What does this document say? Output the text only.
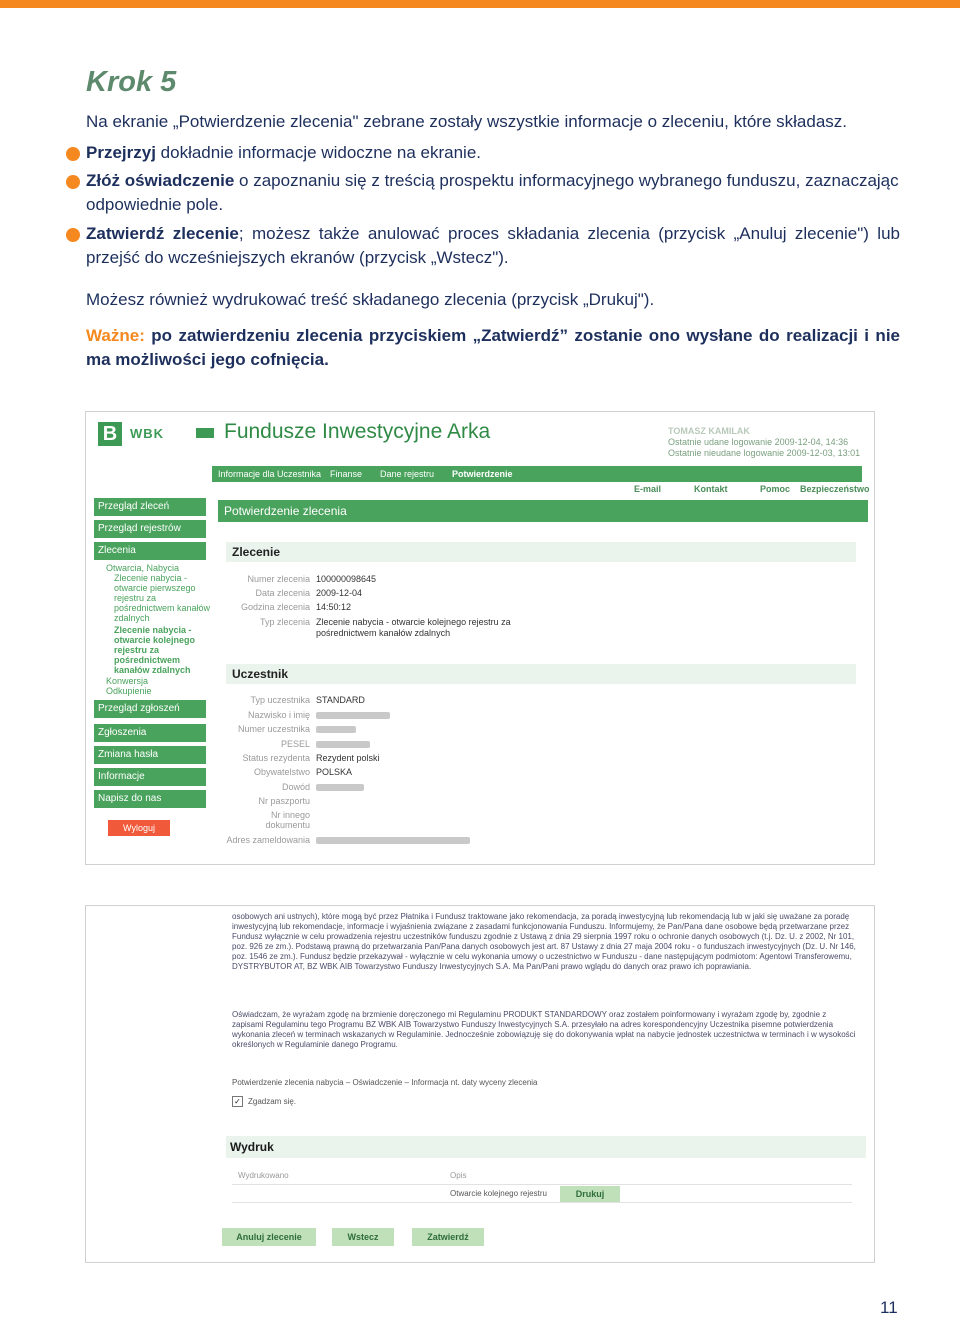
Krok 5
Na ekranie „Potwierdzenie zlecenia" zebrane zostały wszystkie informacje o zleceniu, które składasz.
Przejrzyj dokładnie informacje widoczne na ekranie.
Złóż oświadczenie o zapoznaniu się z treścią prospektu informacyjnego wybranego funduszu, zaznaczając odpowiednie pole.
Zatwierdź zlecenie; możesz także anulować proces składania zlecenia (przycisk „Anuluj zlecenie") lub przejść do wcześniejszych ekranów (przycisk „Wstecz").
Możesz również wydrukować treść składanego zlecenia (przycisk „Drukuj").
Ważne: po zatwierdzeniu zlecenia przyciskiem „Zatwierdź” zostanie ono wysłane do realizacji i nie ma możliwości jego cofnięcia.
B WBK	Fundusze Inwestycyjne Arka	TOMASZ KAMILAK
Ostatnie udane logowanie 2009-12-04, 14:36
Ostatnie nieudane logowanie 2009-12-03, 13:01
Informacje dla Uczestnika Finanse Dane rejestru Potwierdzenie
E-mail	Kontakt	Pomoc Bezpieczeństwo
Przegląd zleceń
Przegląd rejestrów
Zlecenia
Otwarcia, Nabycia
Zlecenie nabycia -
otwarcie pierwszego
rejestru za
pośrednictwem kanałów
zdalnych
Zlecenie nabycia -
otwarcie kolejnego
rejestru za
pośrednictwem
kanałów zdalnych
Konwersja
Odkupienie
Przegląd zgłoszeń
Zgłoszenia
Zmiana hasła
Informacje
Napisz do nas
Wyloguj
Potwierdzenie zlecenia
Zlecenie
Numer zlecenia 100000098645
Data zlecenia 2009-12-04
Godzina zlecenia 14:50:12
Typ zlecenia Zlecenie nabycia - otwarcie kolejnego rejestru za
pośrednictwem kanałów zdalnych
Uczestnik
Typ uczestnika STANDARD
Nazwisko i imię
Numer uczestnika
PESEL
Status rezydenta Rezydent polski
Obywatelstwo POLSKA
Dowód
Nr paszportu
Nr innego
dokumentu
Adres zameldowania
osobowych ani ustnych), które mogą być przez Płatnika i Fundusz traktowane jako rekomendacja, za poradą inwestycyjną lub rekomendacją lub w jaki się uważane za poradę inwestycyjną lub rekomendacje, informacje i wyjaśnienia związane z zasadami funkcjonowania Funduszu. Informujemy, że Pan/Pana dane osobowe będą przetwarzane przez Fundusz wyłącznie w celu prowadzenia rejestru uczestników funduszu zgodnie z Ustawą z dnia 29 sierpnia 1997 roku o ochronie danych osobowych (t.j. Dz. U. z 2002, Nr 101, poz. 926 ze zm.). Podstawą prawną do przetwarzania Pan/Pana danych osobowych jest art. 87 Ustawy z dnia 27 maja 2004 roku - o funduszach inwestycyjnych (Dz. U. Nr 146, poz. 1546 ze zm.). Fundusz będzie przekazywał - wyłącznie w celu wykonania umowy o uczestnictwo w Funduszu - dane następującym podmiotom: Agentowi Transferowemu, DYSTRYBUTOR AT, BZ WBK AIB Towarzystwo Funduszy Inwestycyjnych S.A. Ma Pan/Pani prawo wglądu do danych oraz prawo ich poprawiania.
Oświadczam, że wyrażam zgodę na brzmienie doręczonego mi Regulaminu PRODUKT STANDARDOWY oraz zostałem poinformowany i wyrażam zgodę by, zgodnie z zapisami Regulaminu tego Programu BZ WBK AIB Towarzystwo Funduszy Inwestycyjnych S.A. przesyłało na adres korespondencyjny Uczestnika pisemne potwierdzenia wykonania zleceń w terminach wskazanych w Regulaminie. Jednocześnie zobowiązuję się do dokonywania wpłat na nabycie jednostek uczestnictwa w terminach i w wysokości określonych w Regulaminie danego Programu.
Potwierdzenie zlecenia nabycia – Oświadczenie – Informacja nt. daty wyceny zlecenia
✓ Zgadzam się.
Wydruk
Wydrukowano	Opis
Otwarcie kolejnego rejestru	Drukuj
Anuluj zlecenie	Wstecz	Zatwierdź
11
